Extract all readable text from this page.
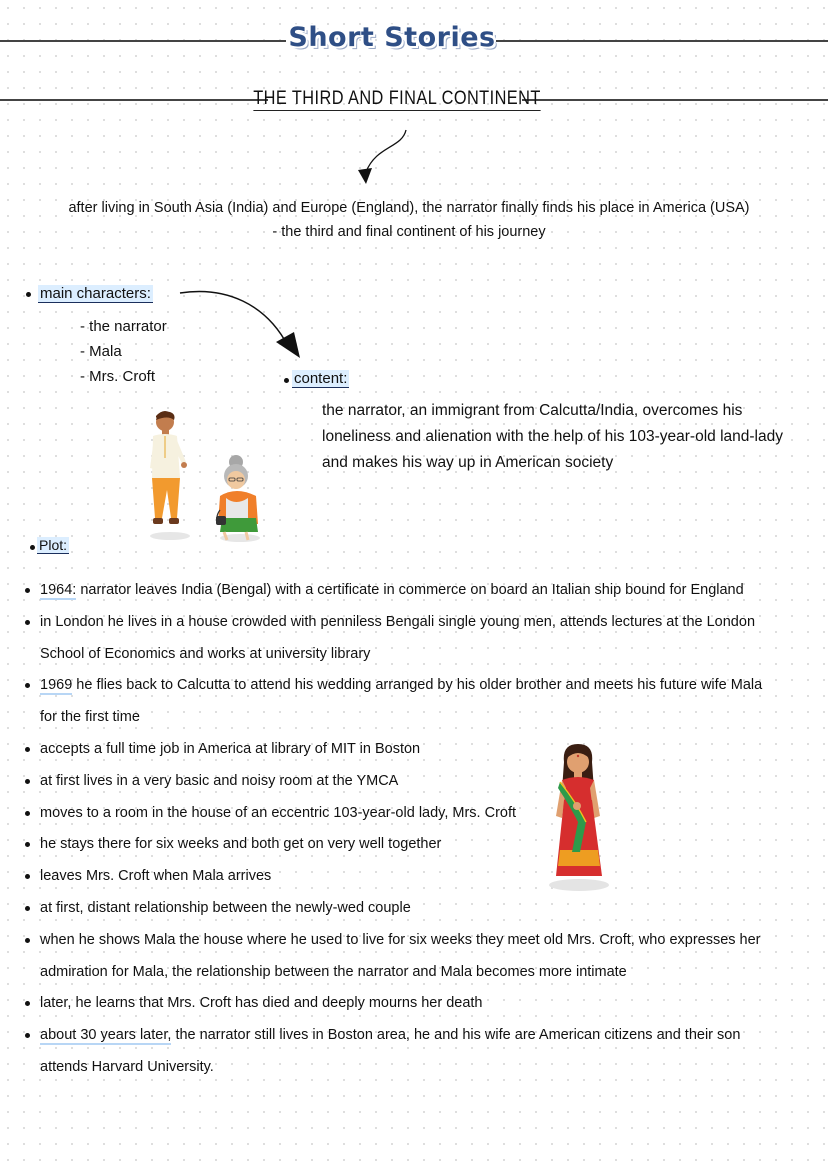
Short Stories
THE THIRD AND FINAL CONTINENT
after living in South Asia (India) and Europe (England), the narrator finally finds his place in America (USA)
- the third and final continent of his journey
main characters:
- the narrator
- Mala
- Mrs. Croft	content:
the narrator, an immigrant from Calcutta/India, overcomes his
loneliness and alienation with the help of his 103-year-old land-lady
and makes his way up in American society
Plot:
1964: narrator leaves India (Bengal) with a certificate in commerce on board an Italian ship bound for England
in London he lives in a house crowded with penniless Bengali single young men, attends lectures at the London
School of Economics and works at university library
1969 he flies back to Calcutta to attend his wedding arranged by his older brother and meets his future wife Mala
for the first time
accepts a full time job in America at library of MIT in Boston
at first lives in a very basic and noisy room at the YMCA
moves to a room in the house of an eccentric 103-year-old lady, Mrs. Croft
he stays there for six weeks and both get on very well together
leaves Mrs. Croft when Mala arrives
at first, distant relationship between the newly-wed couple
when he shows Mala the house where he used to live for six weeks they meet old Mrs. Croft, who expresses her
admiration for Mala, the relationship between the narrator and Mala becomes more intimate
later, he learns that Mrs. Croft has died and deeply mourns her death
about 30 years later, the narrator still lives in Boston area, he and his wife are American citizens and their son
attends Harvard University.
